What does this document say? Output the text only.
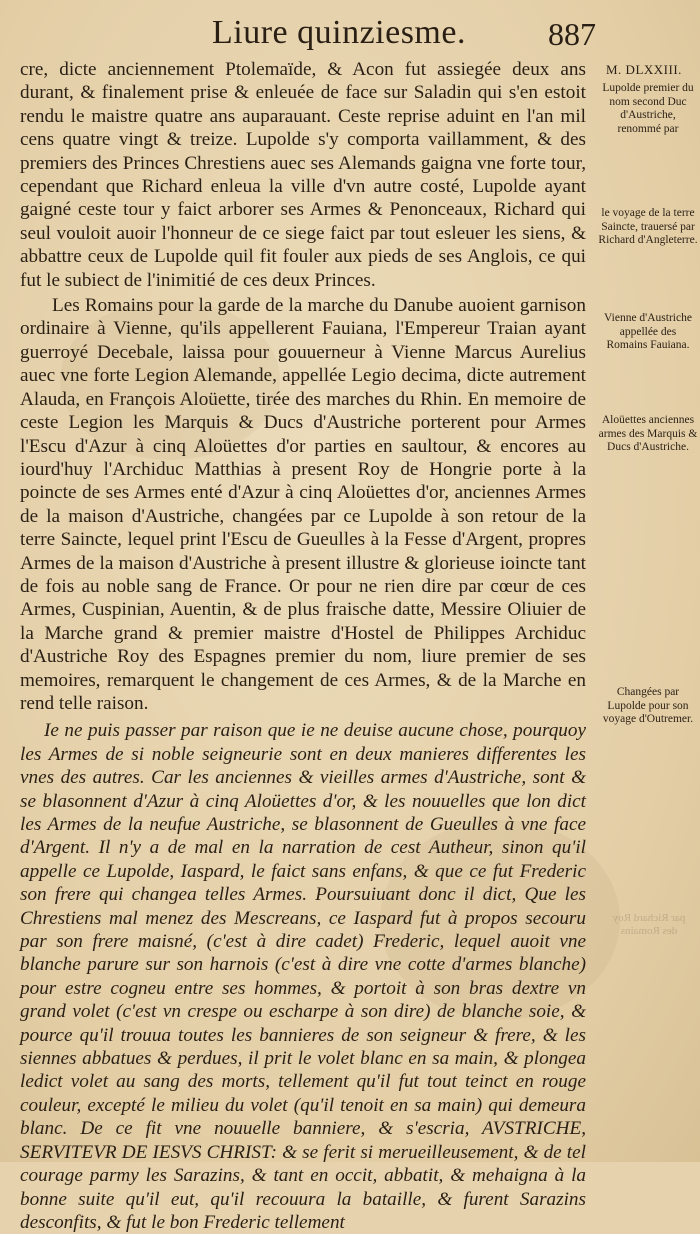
Liure quinziesme.	887
M. DLXXIII.
Lupolde premier du nom second Duc d'Austriche, renommé par
le voyage de la terre Saincte, trauersé par Richard d'Angleterre.
Vienne d'Austriche appellée des Romains Fauiana.
Aloüettes anciennes armes des Marquis & Ducs d'Austriche.
Changées par Lupolde pour son voyage d'Outremer.
par Richard Roy des Romains

cre, dicte anciennement Ptolemaïde, & Acon fut assiegée deux ans durant, & finalement prise & enleuée de face sur Saladin qui s'en estoit rendu le maistre quatre ans auparauant. Ceste reprise aduint en l'an mil cens quatre vingt & treize. Lupolde s'y comporta vaillamment, & des premiers des Princes Chrestiens auec ses Alemands gaigna vne forte tour, cependant que Richard enleua la ville d'vn autre costé, Lupolde ayant gaigné ceste tour y faict arborer ses Armes & Penonceaux, Richard qui seul vouloit auoir l'honneur de ce siege faict par tout esleuer les siens, & abbattre ceux de Lupolde quil fit fouler aux pieds de ses Anglois, ce qui fut le subiect de l'inimitié de ces deux Princes.

Les Romains pour la garde de la marche du Danube auoient garnison ordinaire à Vienne, qu'ils appellerent Fauiana, l'Empereur Traian ayant guerroyé Decebale, laissa pour gouuerneur à Vienne Marcus Aurelius auec vne forte Legion Alemande, appellée Legio decima, dicte autrement Alauda, en François Aloüette, tirée des marches du Rhin. En memoire de ceste Legion les Marquis & Ducs d'Austriche porterent pour Armes l'Escu d'Azur à cinq Aloüettes d'or parties en saultour, & encores au iourd'huy l'Archiduc Matthias à present Roy de Hongrie porte à la poincte de ses Armes enté d'Azur à cinq Aloüettes d'or, anciennes Armes de la maison d'Austriche, changées par ce Lupolde à son retour de la terre Saincte, lequel print l'Escu de Gueulles à la Fesse d'Argent, propres Armes de la maison d'Austriche à present illustre & glorieuse ioincte tant de fois au noble sang de France. Or pour ne rien dire par cœur de ces Armes, Cuspinian, Auentin, & de plus fraische datte, Messire Oliuier de la Marche grand & premier maistre d'Hostel de Philippes Archiduc d'Austriche Roy des Espagnes premier du nom, liure premier de ses memoires, remarquent le changement de ces Armes, & de la Marche en rend telle raison.

Ie ne puis passer par raison que ie ne deuise aucune chose, pourquoy les Armes de si noble seigneurie sont en deux manieres differentes les vnes des autres. Car les anciennes & vieilles armes d'Austriche, sont & se blasonnent d'Azur à cinq Aloüettes d'or, & les nouuelles que lon dict les Armes de la neufue Austriche, se blasonnent de Gueulles à vne face d'Argent. Il n'y a de mal en la narration de cest Autheur, sinon qu'il appelle ce Lupolde, Iaspard, le faict sans enfans, & que ce fut Frederic son frere qui changea telles Armes. Poursuiuant donc il dict, Que les Chrestiens mal menez des Mescreans, ce Iaspard fut à propos secouru par son frere maisné, (c'est à dire cadet) Frederic, lequel auoit vne blanche parure sur son harnois (c'est à dire vne cotte d'armes blanche) pour estre cogneu entre ses hommes, & portoit à son bras dextre vn grand volet (c'est vn crespe ou escharpe à son dire) de blanche soie, & pource qu'il trouua toutes les bannieres de son seigneur & frere, & les siennes abbatues & perdues, il prit le volet blanc en sa main, & plongea ledict volet au sang des morts, tellement qu'il fut tout teinct en rouge couleur, excepté le milieu du volet (qu'il tenoit en sa main) qui demeura blanc. De ce fit vne nouuelle banniere, & s'escria, AVSTRICHE, SERVITEVR DE IESVS CHRIST: & se ferit si merueilleusement, & de tel courage parmy les Sarazins, & tant en occit, abbatit, & mehaigna à la bonne suite qu'il eut, qu'il recouura la bataille, & furent Sarazins desconfits, & fut le bon Frederic tellement
